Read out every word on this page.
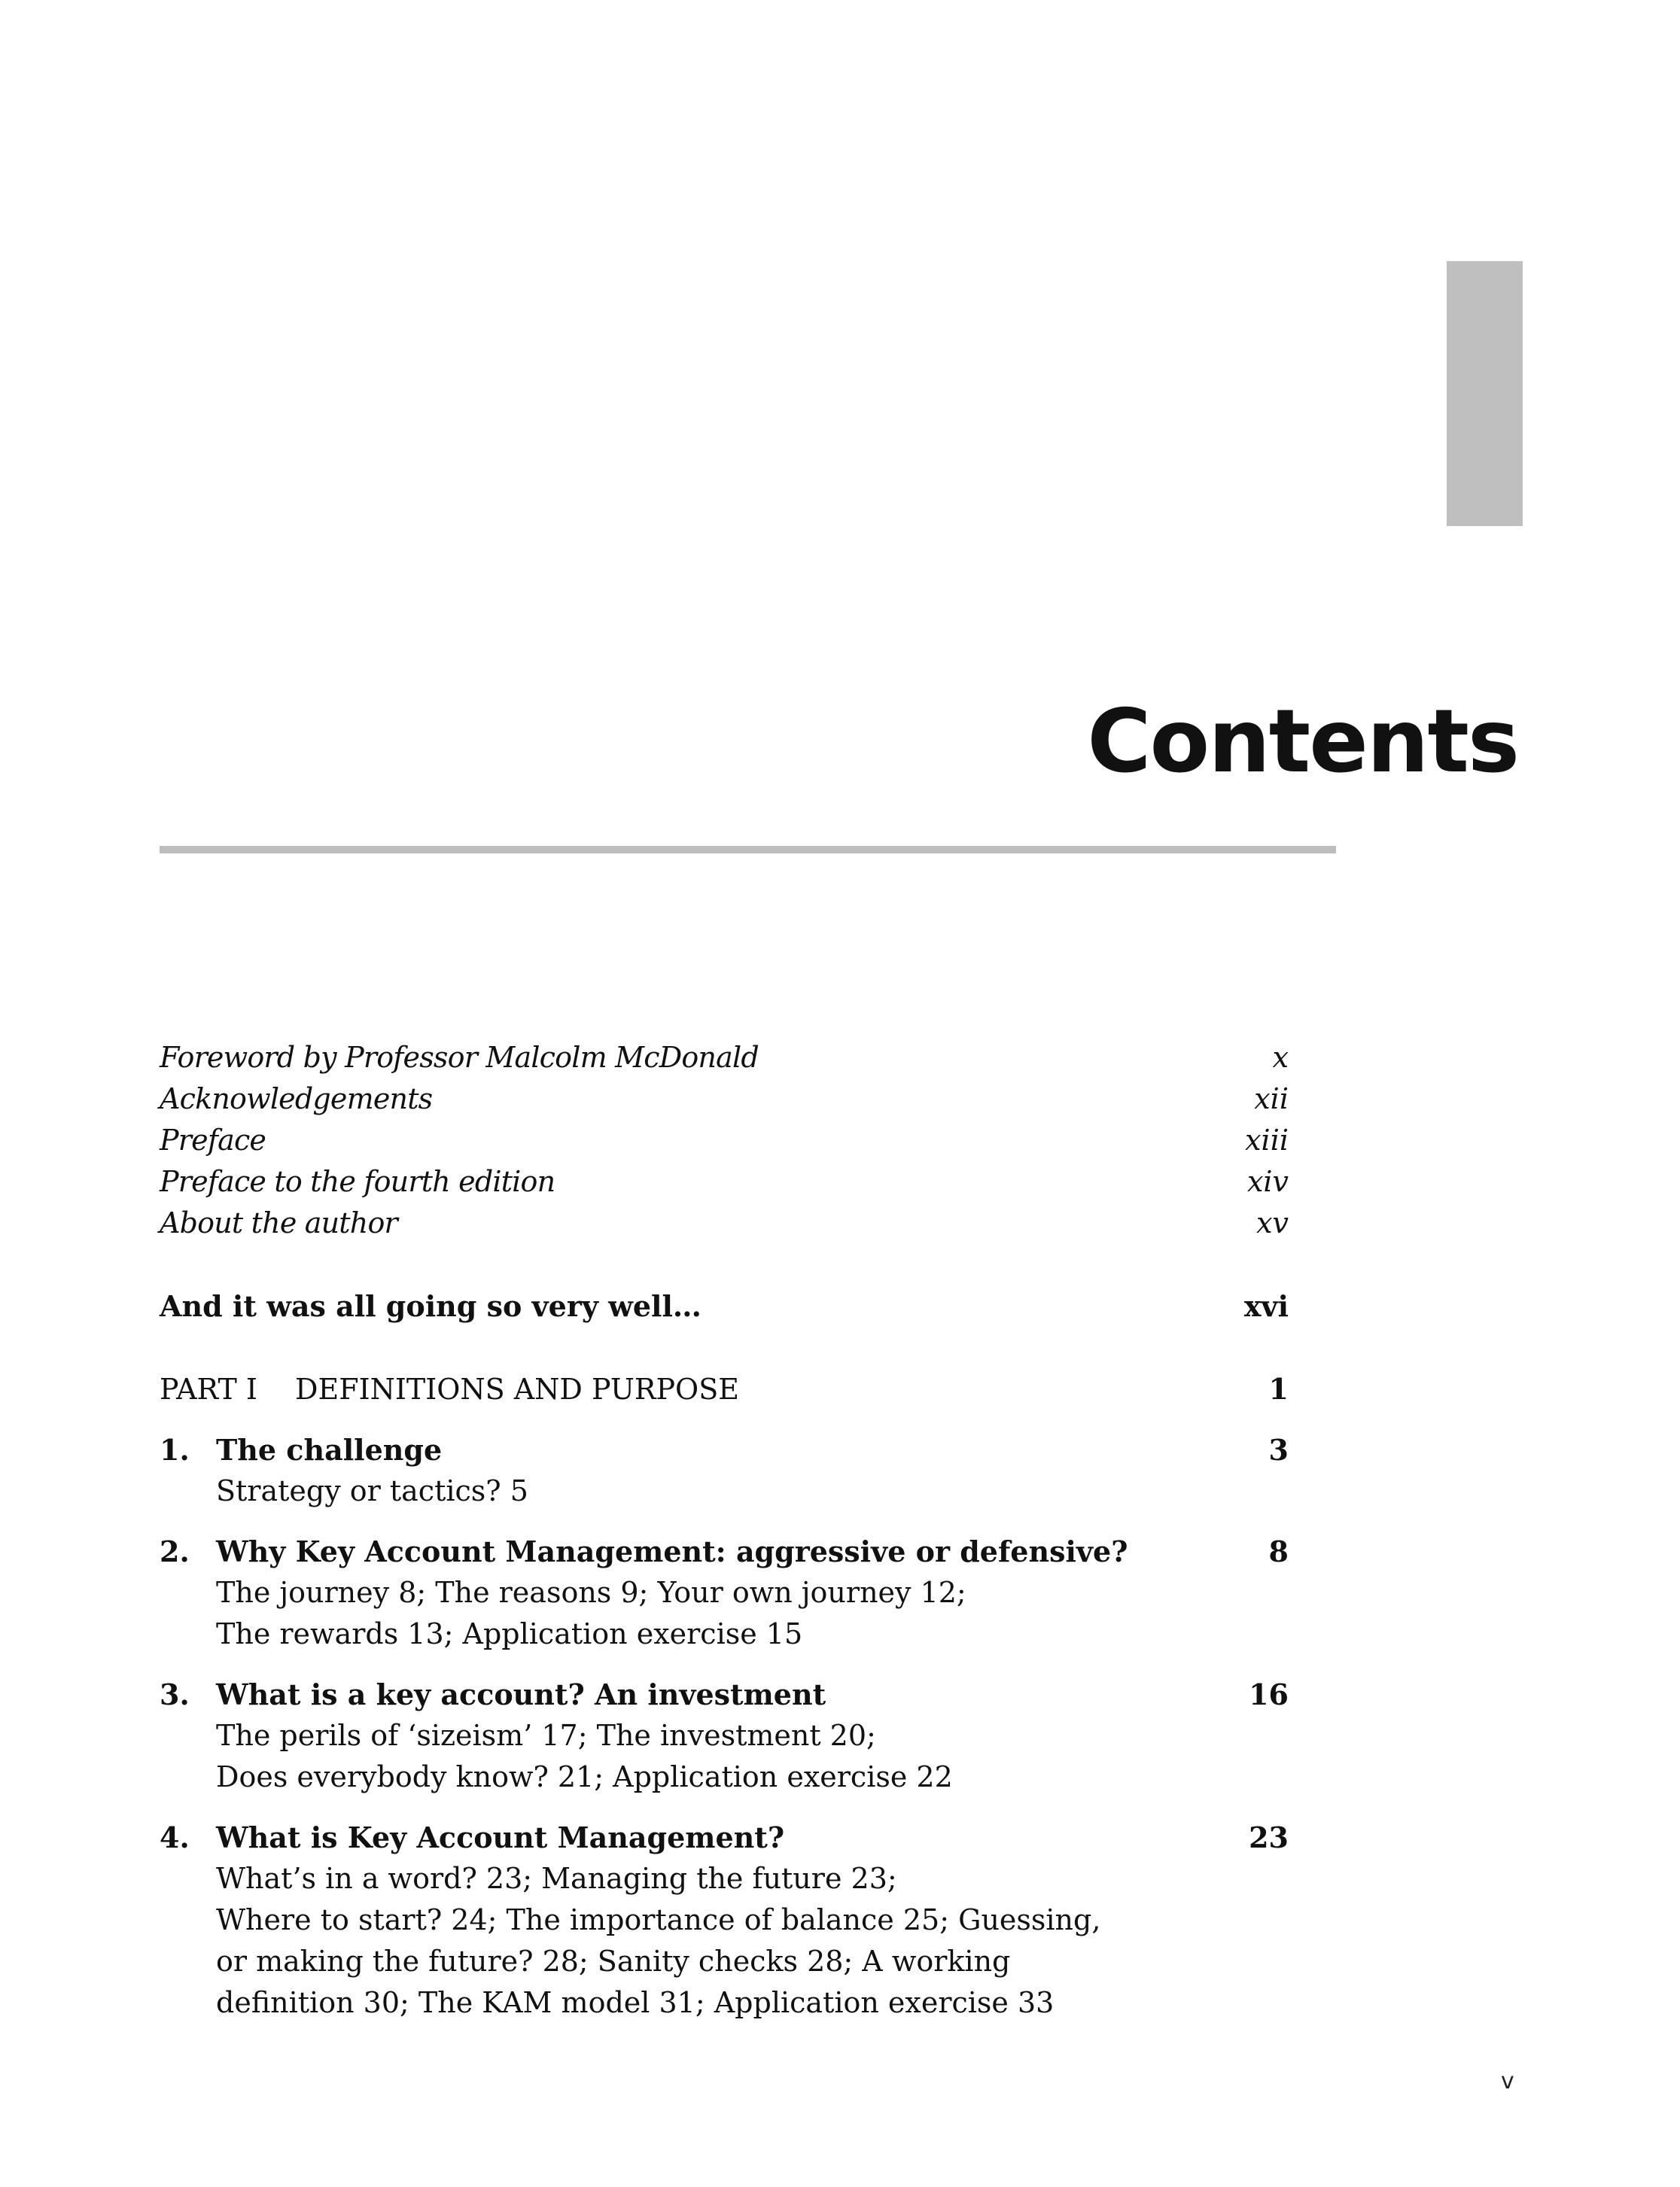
Contents
Foreword by Professor Malcolm McDonald	x
Acknowledgements	xii
Preface	xiii
Preface to the fourth edition	xiv
About the author	xv
And it was all going so very well…	xvi
PART I DEFINITIONS AND PURPOSE	1
1. The challenge	3
Strategy or tactics? 5
2. Why Key Account Management: aggressive or defensive?	8
The journey 8; The reasons 9; Your own journey 12;
The rewards 13; Application exercise 15
3. What is a key account? An investment	16
The perils of ‘sizeism’ 17; The investment 20;
Does everybody know? 21; Application exercise 22
4. What is Key Account Management?	23
What’s in a word? 23; Managing the future 23;
Where to start? 24; The importance of balance 25; Guessing,
or making the future? 28; Sanity checks 28; A working
definition 30; The KAM model 31; Application exercise 33
v
